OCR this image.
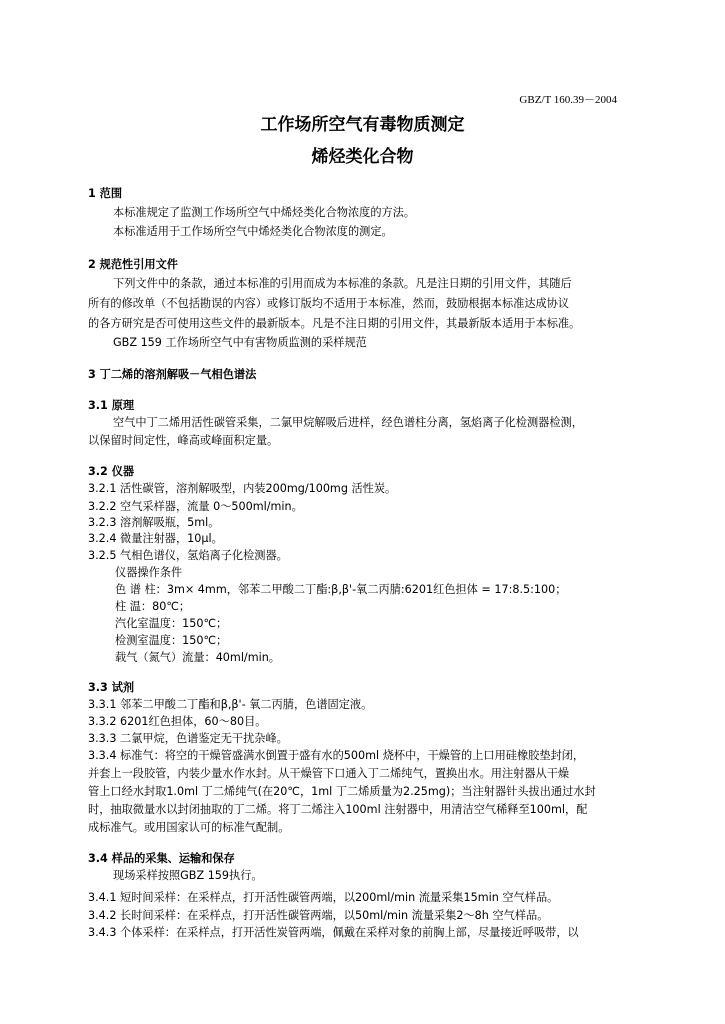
GBZ/T 160.39－2004
工作场所空气有毒物质测定
烯烃类化合物
1 范围
本标准规定了监测工作场所空气中烯烃类化合物浓度的方法。
本标准适用于工作场所空气中烯烃类化合物浓度的测定。
2 规范性引用文件
下列文件中的条款，通过本标准的引用而成为本标准的条款。凡是注日期的引用文件，其随后
所有的修改单（不包括勘误的内容）或修订版均不适用于本标准，然而，鼓励根据本标准达成协议
的各方研究是否可使用这些文件的最新版本。凡是不注日期的引用文件，其最新版本适用于本标准。
GBZ 159 工作场所空气中有害物质监测的采样规范
3 丁二烯的溶剂解吸－气相色谱法
3.1 原理
空气中丁二烯用活性碳管采集，二氯甲烷解吸后进样，经色谱柱分离，氢焰离子化检测器检测，
以保留时间定性，峰高或峰面积定量。
3.2 仪器
3.2.1 活性碳管，溶剂解吸型，内装200mg/100mg 活性炭。
3.2.2 空气采样器，流量 0～500ml/min。
3.2.3 溶剂解吸瓶，5ml。
3.2.4 微量注射器，10μl。
3.2.5 气相色谱仪，氢焰离子化检测器。
仪器操作条件
色 谱 柱：3m× 4mm，邻苯二甲酸二丁酯:β,β'-氧二丙腈:6201红色担体 = 17:8.5:100；
柱 温：80℃；
汽化室温度：150℃；
检测室温度：150℃；
载气（氮气）流量：40ml/min。
3.3 试剂
3.3.1 邻苯二甲酸二丁酯和β,β'- 氧二丙腈，色谱固定液。
3.3.2 6201红色担体，60～80目。
3.3.3 二氯甲烷，色谱鉴定无干扰杂峰。
3.3.4 标准气：将空的干燥管盛满水倒置于盛有水的500ml 烧杯中，干燥管的上口用硅橡胶垫封闭，
并套上一段胶管，内装少量水作水封。从干燥管下口通入丁二烯纯气，置换出水。用注射器从干燥
管上口经水封取1.0ml 丁二烯纯气(在20℃，1ml 丁二烯质量为2.25mg)；当注射器针头拔出通过水封
时，抽取微量水以封闭抽取的丁二烯。将丁二烯注入100ml 注射器中，用清洁空气稀释至100ml，配
成标准气。或用国家认可的标准气配制。
3.4 样品的采集、运输和保存
现场采样按照GBZ 159执行。
3.4.1 短时间采样：在采样点，打开活性碳管两端，以200ml/min 流量采集15min 空气样品。
3.4.2 长时间采样：在采样点，打开活性碳管两端，以50ml/min 流量采集2～8h 空气样品。
3.4.3 个体采样：在采样点，打开活性炭管两端，佩戴在采样对象的前胸上部，尽量接近呼吸带，以
